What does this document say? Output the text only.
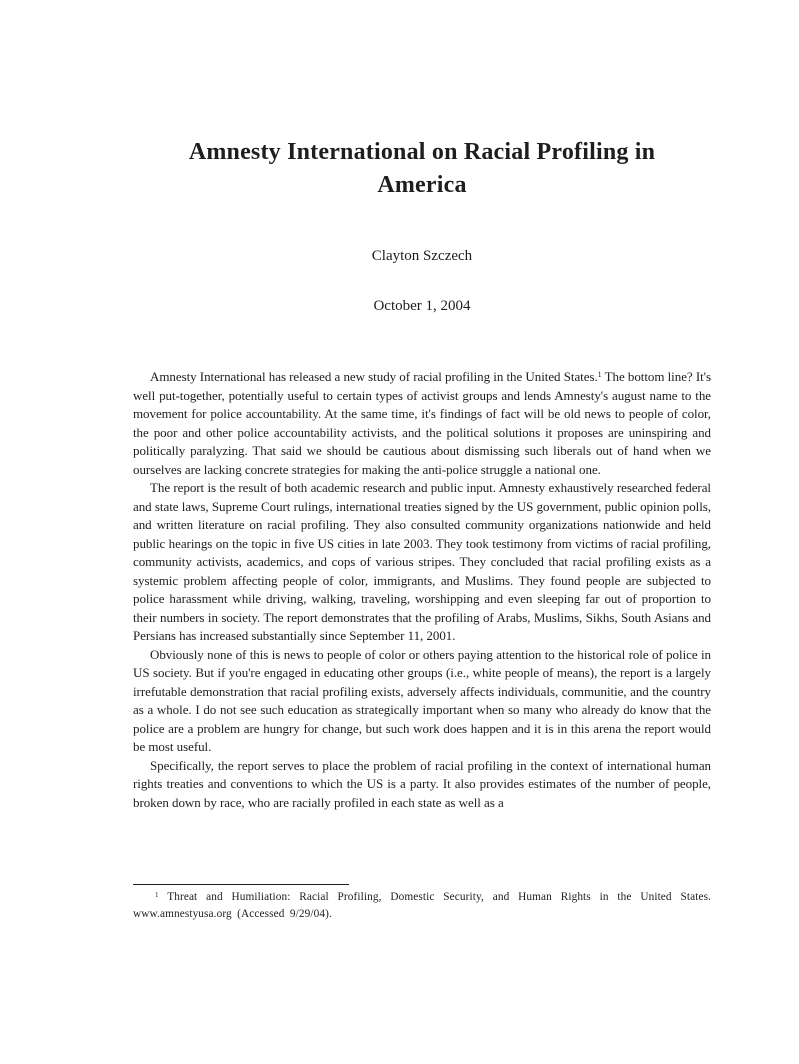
Amnesty International on Racial Profiling in America
Clayton Szczech
October 1, 2004

Amnesty International has released a new study of racial profiling in the United States.$^1$ The bottom line? It's well put-together, potentially useful to certain types of activist groups and lends Amnesty's august name to the movement for police accountability. At the same time, it's findings of fact will be old news to people of color, the poor and other police accountability activists, and the political solutions it proposes are uninspiring and politically paralyzing. That said we should be cautious about dismissing such liberals out of hand when we ourselves are lacking concrete strategies for making the anti-police struggle a national one.

The report is the result of both academic research and public input. Amnesty exhaustively researched federal and state laws, Supreme Court rulings, international treaties signed by the US government, public opinion polls, and written literature on racial profiling. They also consulted community organizations nationwide and held public hearings on the topic in five US cities in late 2003. They took testimony from victims of racial profiling, community activists, academics, and cops of various stripes. They concluded that racial profiling exists as a systemic problem affecting people of color, immigrants, and Muslims. They found people are subjected to police harassment while driving, walking, traveling, worshipping and even sleeping far out of proportion to their numbers in society. The report demonstrates that the profiling of Arabs, Muslims, Sikhs, South Asians and Persians has increased substantially since September 11, 2001.

Obviously none of this is news to people of color or others paying attention to the historical role of police in US society. But if you're engaged in educating other groups (i.e., white people of means), the report is a largely irrefutable demonstration that racial profiling exists, adversely affects individuals, communitie, and the country as a whole. I do not see such education as strategically important when so many who already do know that the police are a problem are hungry for change, but such work does happen and it is in this arena the report would be most useful.

Specifically, the report serves to place the problem of racial profiling in the context of international human rights treaties and conventions to which the US is a party. It also provides estimates of the number of people, broken down by race, who are racially profiled in each state as well as a

$^1$ Threat and Humiliation: Racial Profiling, Domestic Security, and Human Rights in the United States. www.amnestyusa.org (Accessed 9/29/04).
